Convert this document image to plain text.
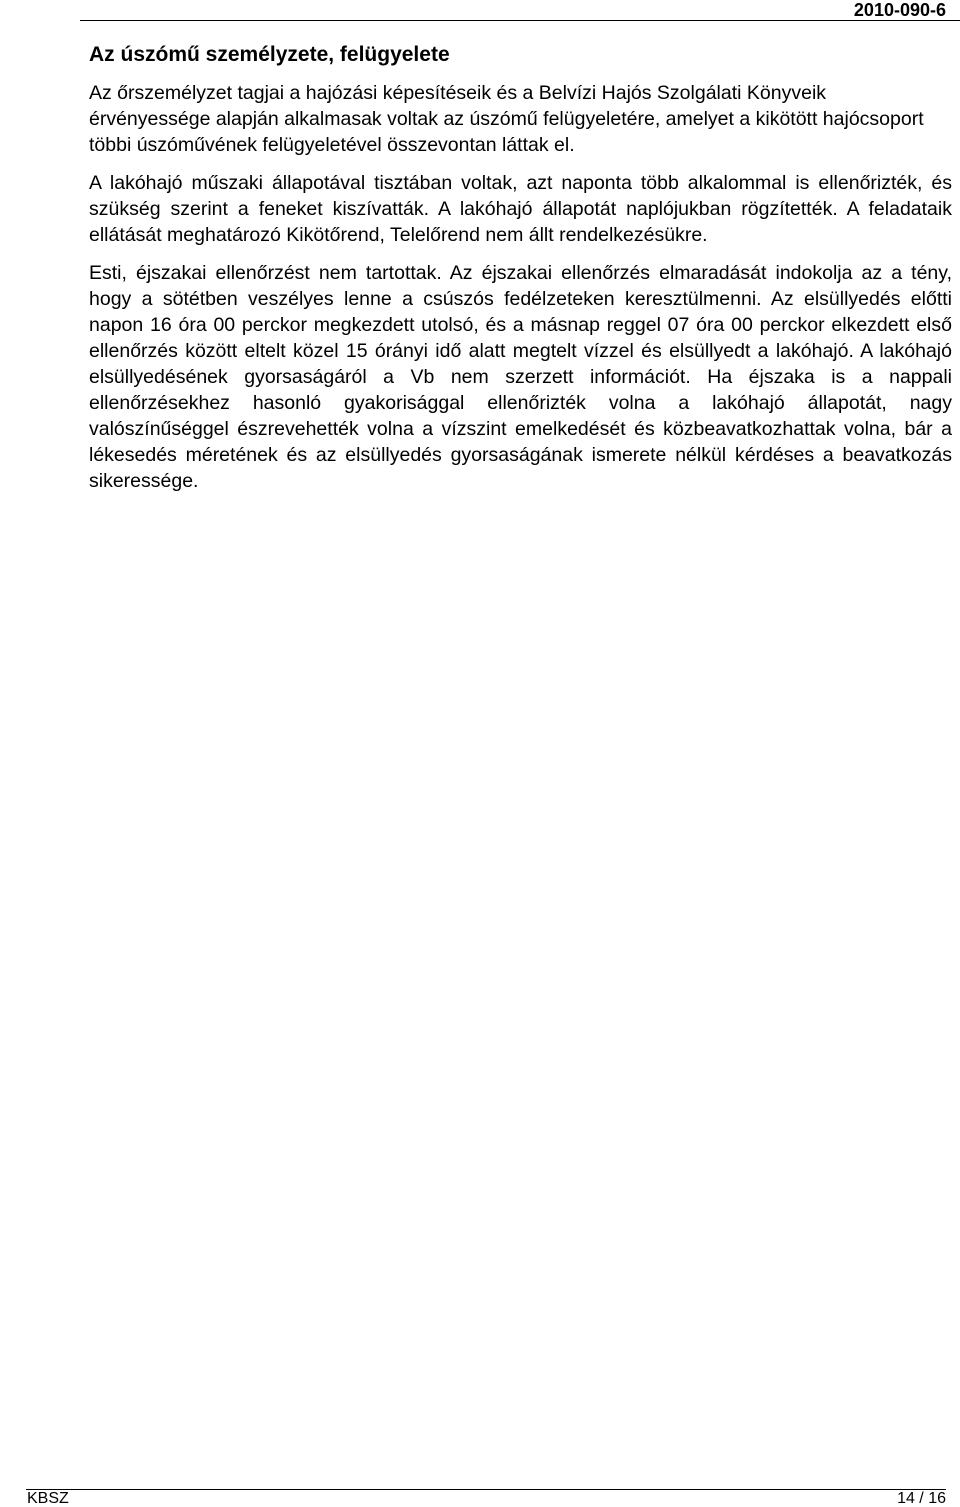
2010-090-6
Az úszómű személyzete, felügyelete

Az őrszemélyzet tagjai a hajózási képesítéseik és a Belvízi Hajós Szolgálati Könyveik érvényessége alapján alkalmasak voltak az úszómű felügyeletére, amelyet a kikötött hajócsoport többi úszóművének felügyeletével összevontan láttak el.

A lakóhajó műszaki állapotával tisztában voltak, azt naponta több alkalommal is ellenőrizték, és szükség szerint a feneket kiszívatták. A lakóhajó állapotát naplójukban rögzítették. A feladataik ellátását meghatározó Kikötőrend, Telelőrend nem állt rendelkezésükre.

Esti, éjszakai ellenőrzést nem tartottak. Az éjszakai ellenőrzés elmaradását indokolja az a tény, hogy a sötétben veszélyes lenne a csúszós fedélzeteken keresztülmenni. Az elsüllyedés előtti napon 16 óra 00 perckor megkezdett utolsó, és a másnap reggel 07 óra 00 perckor elkezdett első ellenőrzés között eltelt közel 15 órányi idő alatt megtelt vízzel és elsüllyedt a lakóhajó. A lakóhajó elsüllyedésének gyorsaságáról a Vb nem szerzett információt. Ha éjszaka is a nappali ellenőrzésekhez hasonló gyakorisággal ellenőrizték volna a lakóhajó állapotát, nagy valószínűséggel észrevehették volna a vízszint emelkedését és közbeavatkozhattak volna, bár a lékesedés méretének és az elsüllyedés gyorsaságának ismerete nélkül kérdéses a beavatkozás sikeressége.

KBSZ	14 / 16
